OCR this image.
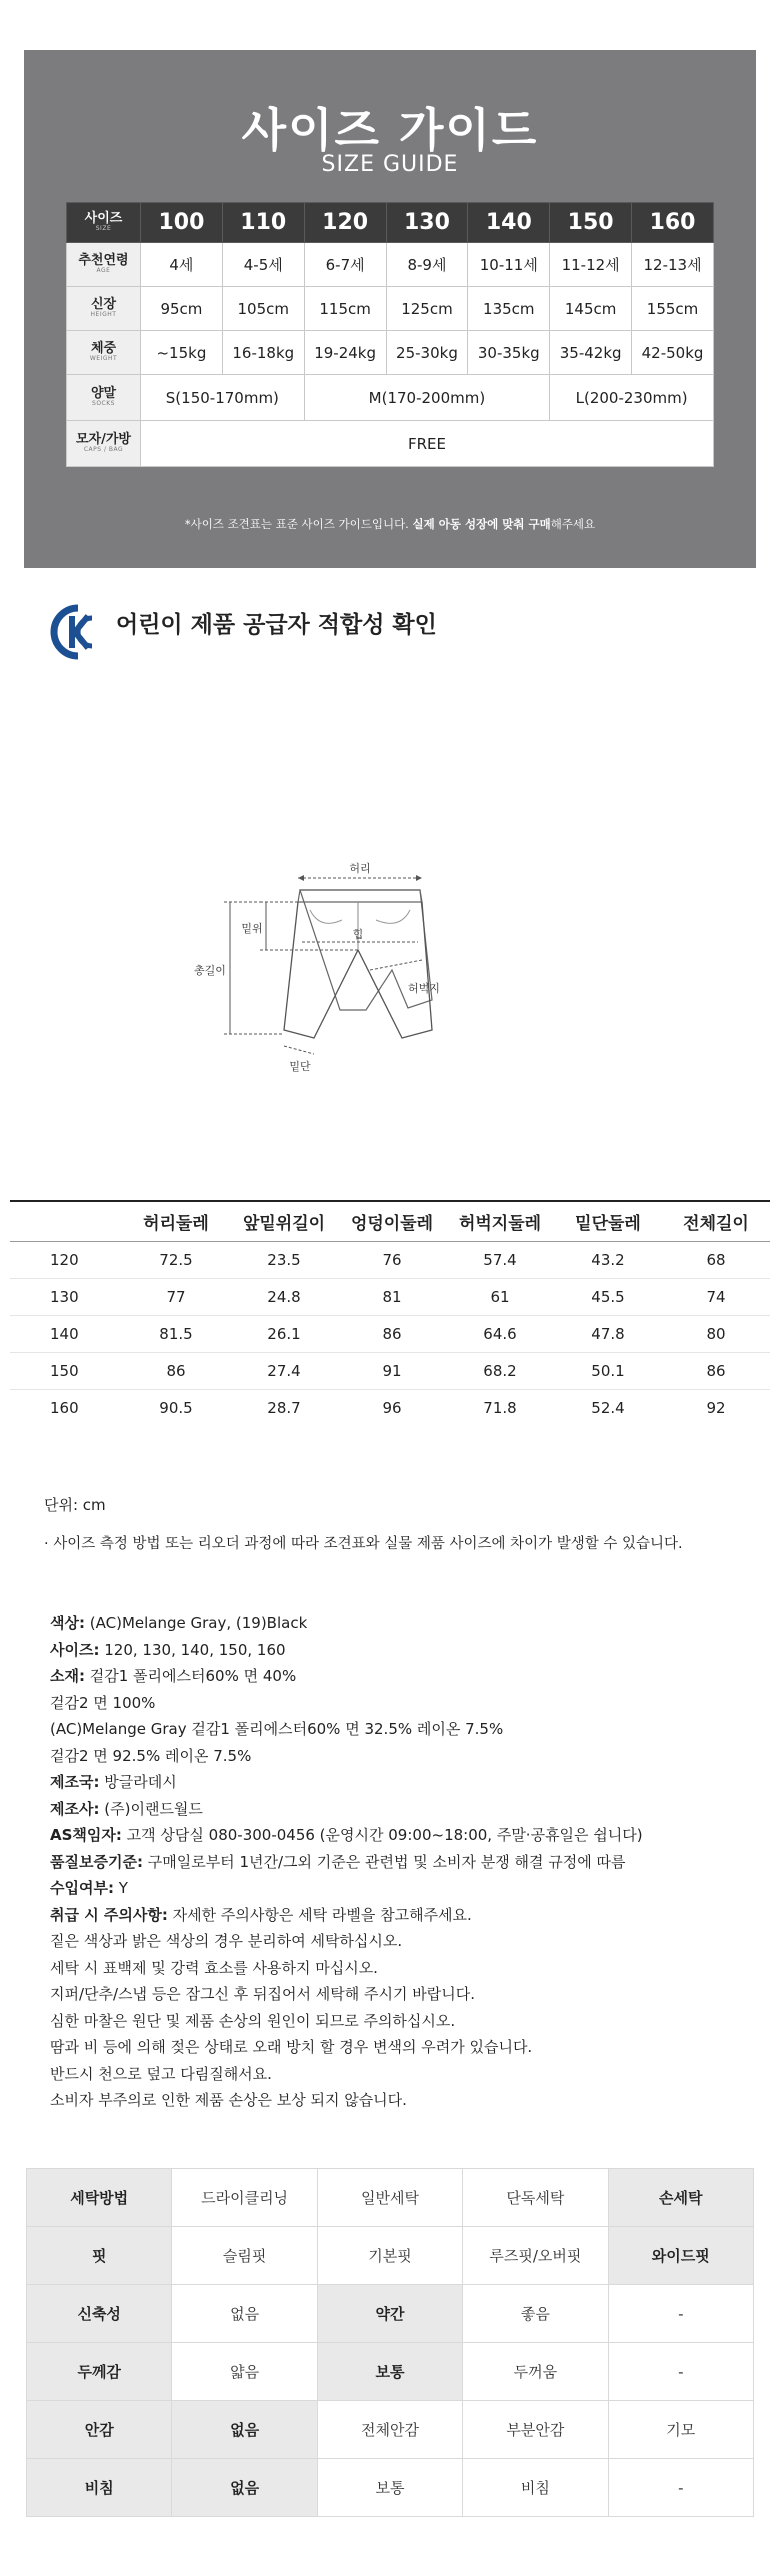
사이즈 가이드
SIZE GUIDE
사이즈
SIZE	100	110	120	130	140	150	160
추천연령
AGE	4세	4-5세	6-7세	8-9세	10-11세	11-12세	12-13세
신장
HEIGHT	95cm	105cm	115cm	125cm	135cm	145cm	155cm
체중
WEIGHT	~15kg	16-18kg	19-24kg	25-30kg	30-35kg	35-42kg	42-50kg
양말
SOCKS	S(150-170mm)		M(170-200mm)			L(200-230mm)	
모자/가방
CAPS / BAG	FREE						
*사이즈 조견표는 표준 사이즈 가이드입니다. 실제 아동 성장에 맞춰 구매해주세요
어린이 제품 공급자 적합성 확인
허리
밑위
총길이
힙
허벅지
밑단
	허리둘레	앞밑위길이	엉덩이둘레	허벅지둘레	밑단둘레	전체길이
120	72.5	23.5	76	57.4	43.2	68
130	77	24.8	81	61	45.5	74
140	81.5	26.1	86	64.6	47.8	80
150	86	27.4	91	68.2	50.1	86
160	90.5	28.7	96	71.8	52.4	92
단위: cm
· 사이즈 측정 방법 또는 리오더 과정에 따라 조견표와 실물 제품 사이즈에 차이가 발생할 수 있습니다.
색상: (AC)Melange Gray, (19)Black
사이즈: 120, 130, 140, 150, 160
소재: 겉감1 폴리에스터60% 면 40%
겉감2 면 100%
(AC)Melange Gray 겉감1 폴리에스터60% 면 32.5% 레이온 7.5%
겉감2 면 92.5% 레이온 7.5%
제조국: 방글라데시
제조사: (주)이랜드월드
AS책임자: 고객 상담실 080-300-0456 (운영시간 09:00~18:00, 주말·공휴일은 쉽니다)
품질보증기준: 구매일로부터 1년간/그외 기준은 관련법 및 소비자 분쟁 해결 규정에 따름
수입여부: Y
취급 시 주의사항: 자세한 주의사항은 세탁 라벨을 참고해주세요.
짙은 색상과 밝은 색상의 경우 분리하여 세탁하십시오.
세탁 시 표백제 및 강력 효소를 사용하지 마십시오.
지퍼/단추/스냅 등은 잠그신 후 뒤집어서 세탁해 주시기 바랍니다.
심한 마찰은 원단 및 제품 손상의 원인이 되므로 주의하십시오.
땀과 비 등에 의해 젖은 상태로 오래 방치 할 경우 변색의 우려가 있습니다.
반드시 천으로 덮고 다림질해서요.
소비자 부주의로 인한 제품 손상은 보상 되지 않습니다.
세탁방법	드라이클리닝	일반세탁	단독세탁	손세탁
핏	슬림핏	기본핏	루즈핏/오버핏	와이드핏
신축성	없음	약간	좋음	-
두께감	얇음	보통	두꺼움	-
안감	없음	전체안감	부분안감	기모
비침	없음	보통	비침	-
